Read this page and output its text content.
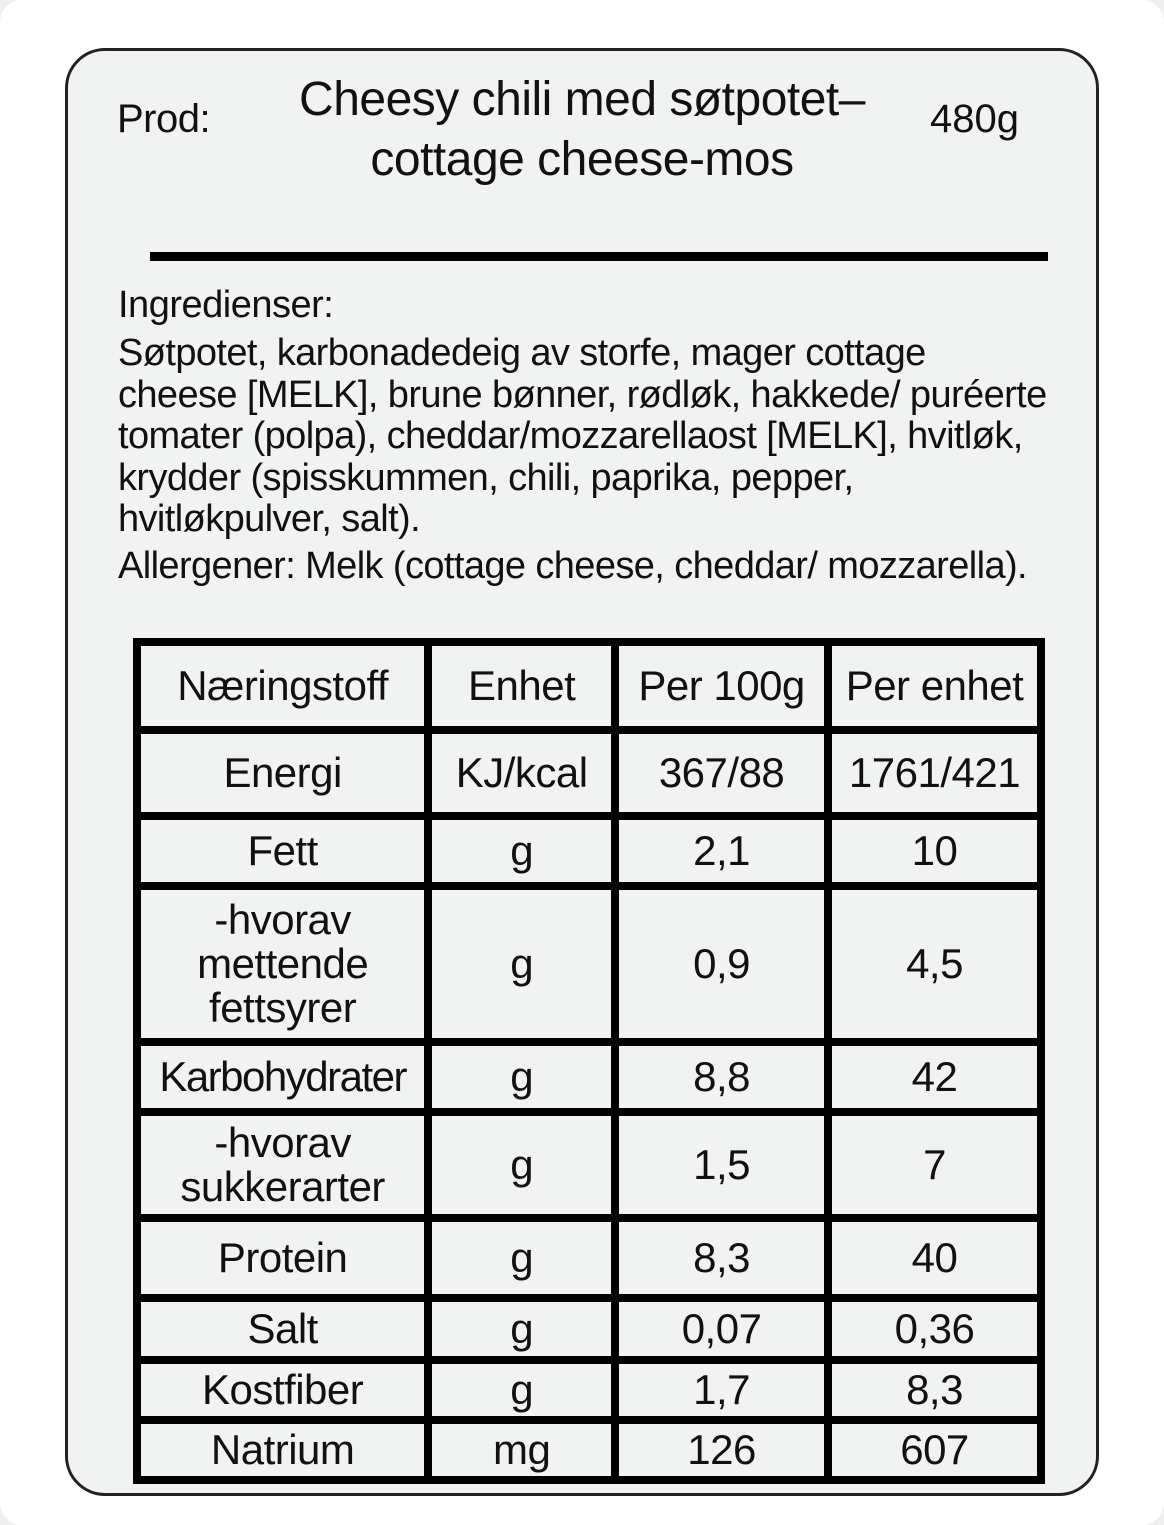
Prod:	Cheesy chili med søtpotet–cottage cheese-mos
480g
Ingredienser:

Søtpotet, karbonadedeig av storfe, mager cottage cheese [MELK], brune bønner, rødløk, hakkede/ puréerte tomater (polpa), cheddar/mozzarellaost [MELK], hvitløk, krydder (spisskummen, chili, paprika, pepper, hvitløkpulver, salt).

Allergener: Melk (cottage cheese, cheddar/ mozzarella).

Næringstoff	Enhet	Per 100g	Per enhet
Energi	KJ/kcal	367/88	1761/421
Fett	g	2,1	10
-hvorav mettende fettsyrer	g	0,9	4,5
Karbohydrater	g	8,8	42
-hvorav sukkerarter	g	1,5	7
Protein	g	8,3	40
Salt	g	0,07	0,36
Kostfiber	g	1,7	8,3
Natrium	mg	126	607
